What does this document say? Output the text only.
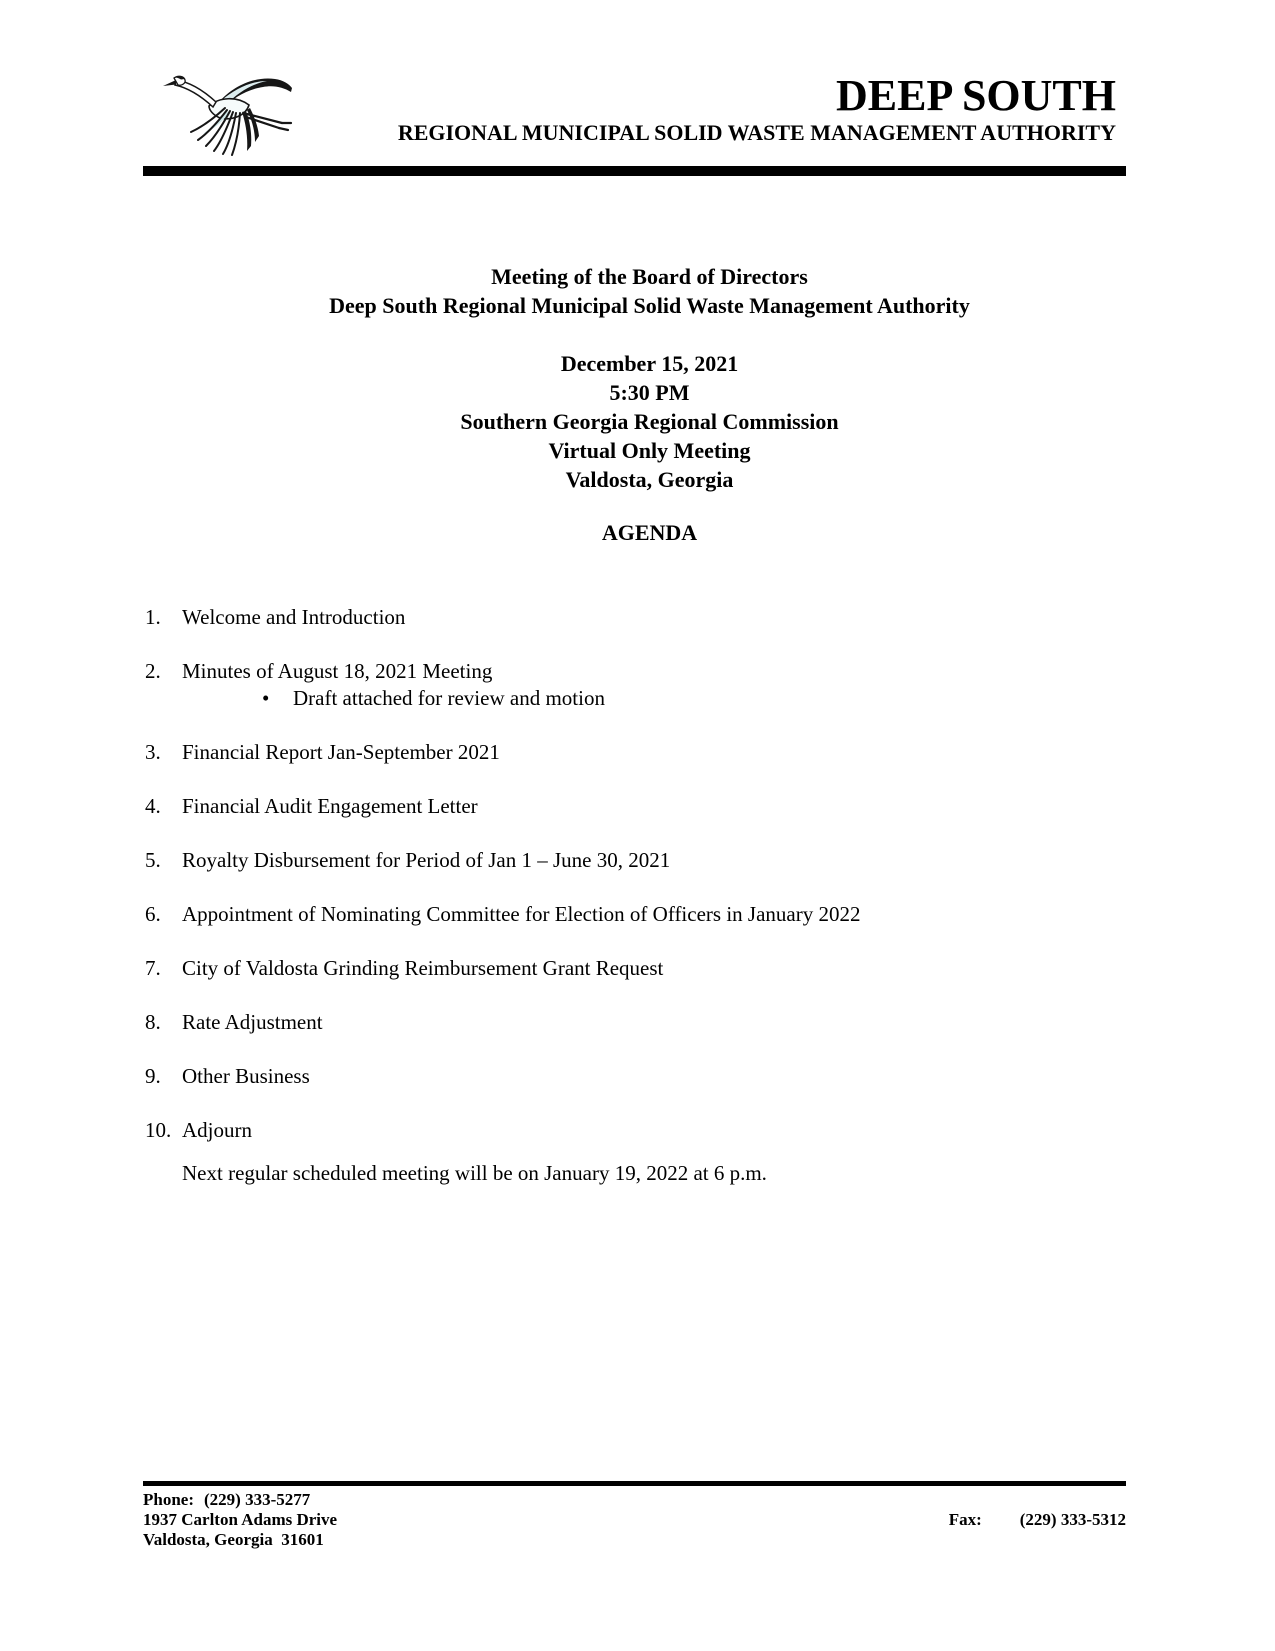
DEEP SOUTH
REGIONAL MUNICIPAL SOLID WASTE MANAGEMENT AUTHORITY
Meeting of the Board of Directors
Deep South Regional Municipal Solid Waste Management Authority
December 15, 2021
5:30 PM
Southern Georgia Regional Commission
Virtual Only Meeting
Valdosta, Georgia
AGENDA
1. Welcome and Introduction
2. Minutes of August 18, 2021 Meeting
• Draft attached for review and motion
3. Financial Report Jan-September 2021
4. Financial Audit Engagement Letter
5. Royalty Disbursement for Period of Jan 1 – June 30, 2021
6. Appointment of Nominating Committee for Election of Officers in January 2022
7. City of Valdosta Grinding Reimbursement Grant Request
8. Rate Adjustment
9. Other Business
10. Adjourn
Next regular scheduled meeting will be on January 19, 2022 at 6 p.m.
Phone: (229) 333-5277
1937 Carlton Adams Drive	Fax: (229) 333-5312
Valdosta, Georgia  31601
